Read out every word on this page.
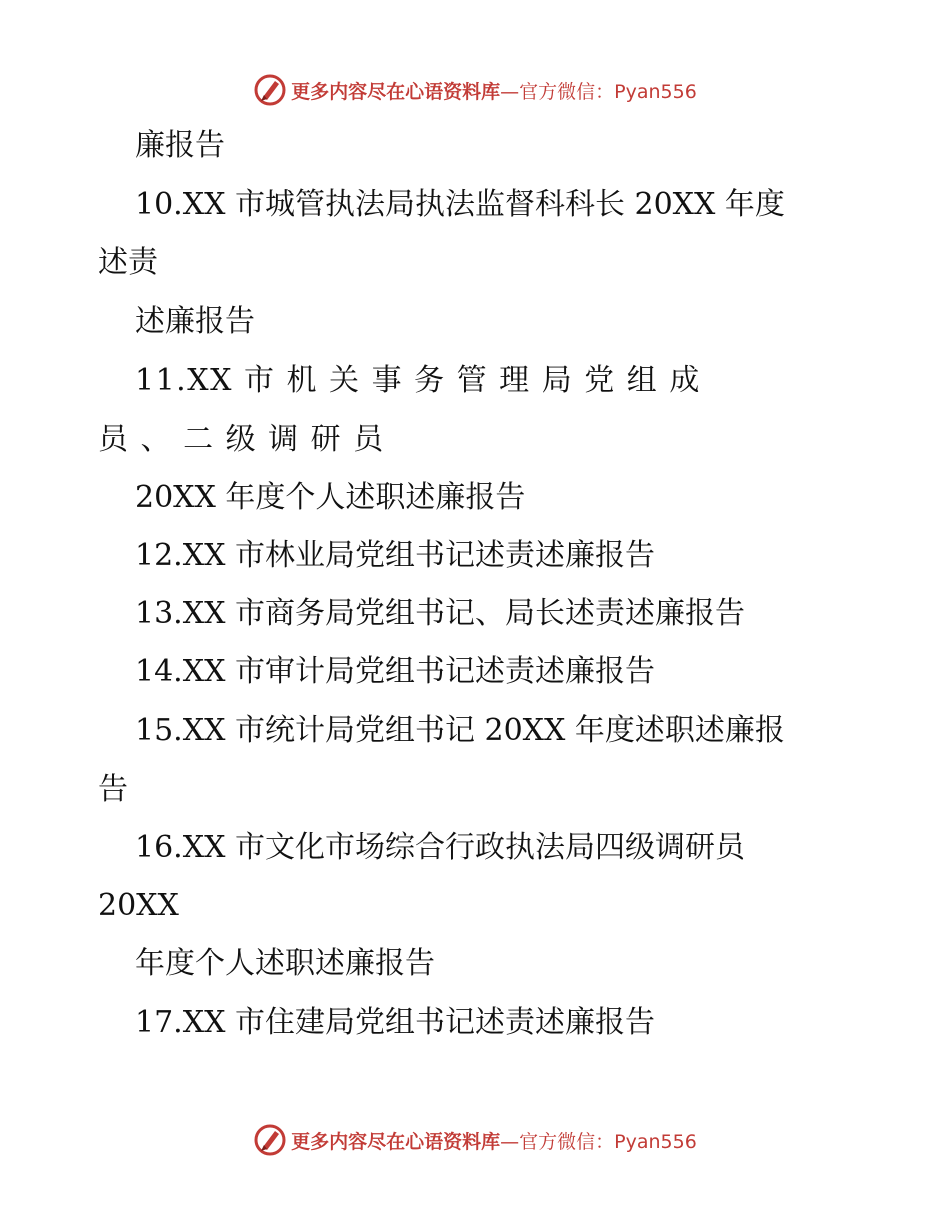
更多内容尽在心语资料库—官方微信：Pyan556
廉报告
10.XX 市城管执法局执法监督科科长 20XX 年度
述责
述廉报告
11.XX 市 机 关 事 务 管 理 局 党 组 成
员 、 二 级 调 研 员
20XX 年度个人述职述廉报告
12.XX 市林业局党组书记述责述廉报告
13.XX 市商务局党组书记、局长述责述廉报告
14.XX 市审计局党组书记述责述廉报告
15.XX 市统计局党组书记 20XX 年度述职述廉报
告
16.XX 市文化市场综合行政执法局四级调研员
20XX
年度个人述职述廉报告
17.XX 市住建局党组书记述责述廉报告
更多内容尽在心语资料库—官方微信：Pyan556
